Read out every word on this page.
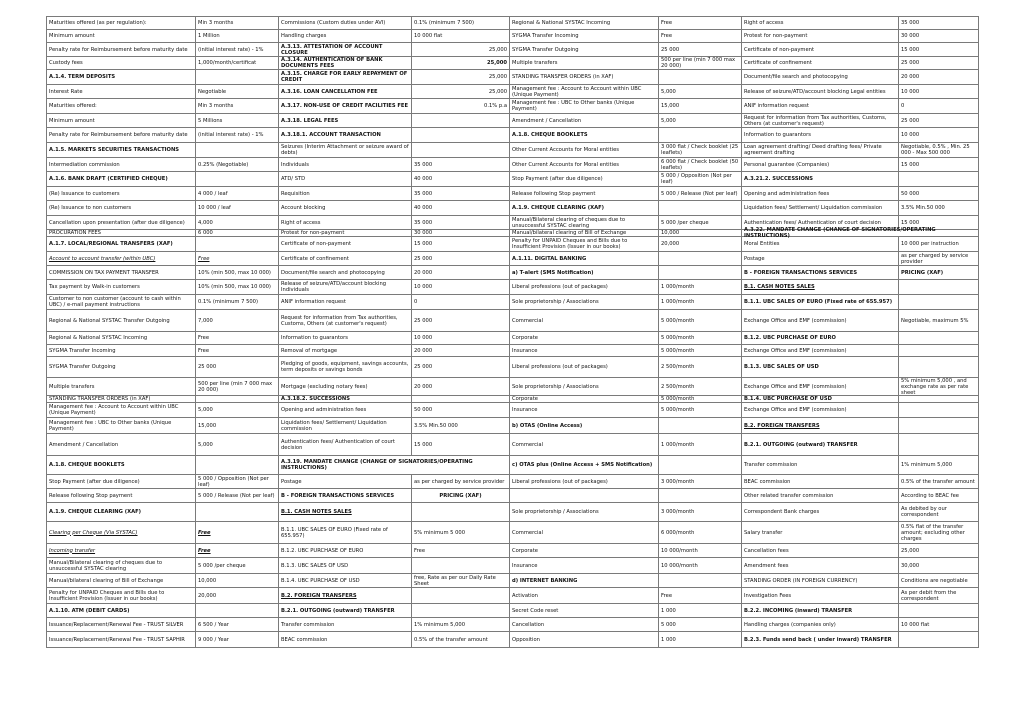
Maturities offered (as per regulation):	Min 3 months	Commissions (Custom duties under AVI)	0.1% (minimum 7 500)	Regional & National SYSTAC Incoming	Free	Right of access	35 000

Minimum amount	1 Million	Handling charges	10 000 flat	SYGMA Transfer Incoming	Free	Protest for non-payment	30 000

Penalty rate for Reimbursement before maturity date	(initial interest rate) - 1%	A.3.13. ATTESTATION OF ACCOUNT CLOSURE	25,000	SYGMA Transfer Outgoing	25 000	Certificate of non-payment	15 000

Custody fees	1,000/month/certificat	A.3.14. AUTHENTICATION OF BANK DOCUMENTS FEES	25,000	Multiple transfers	500 per line (min 7 000 max 20 000)	Certificate of confinement	25 000

A.1.4. TERM DEPOSITS		A.3.15. CHARGE FOR EARLY REPAYMENT OF CREDIT	25,000	STANDING TRANSFER ORDERS (in XAF)		Document/file search and photocopying	20 000

Interest Rate	Negotiable	A.3.16. LOAN CANCELLATION FEE	25,000	Management fee : Account to Account within UBC (Unique Payment)	5,000	Release of seizure/ATD/account blocking Legal entities	10 000

Maturities offered:	Min 3 months	A.3.17. NON-USE OF CREDIT FACILITIES FEE	0.1% p.a	Management fee : UBC to Other banks (Unique Payment)	15,000	ANIF information request	0

Minimum amount	5 Millions	A.3.18. LEGAL FEES		Amendment / Cancellation	5,000	Request for information from Tax authorities, Customs, Others (at customer's request)	25 000

Penalty rate for Reimbursement before maturity date	(initial interest rate) - 1%	A.3.18.1. ACCOUNT TRANSACTION		A.1.8. CHEQUE BOOKLETS		Information to guarantors	10 000

A.1.5. MARKETS SECURITIES TRANSACTIONS		Seizures (Interim Attachment or seizure award of debts)		Other Current Accounts for Moral entities	3 000 flat / Check booklet (25 leaflets)	Loan agreement drafting/ Deed drafting fees/ Private agreement drafting	Negotiable, 0.5% , Min. 25 000 - Max 500 000

Intermediation commission	0.25% (Negotiable)	Individuals	35 000	Other Current Accounts for Moral entities	6 000 flat / Check booklet (50 leaflets)	Personal guarantee (Companies)	15 000

A.1.6. BANK DRAFT (CERTIFIED CHEQUE)		ATD/ STD	40 000	Stop Payment (after due diligence)	5 000 / Opposition (Not per leaf)	A.3.21.2. SUCCESSIONS	

(Re) Issuance to customers	4 000 / leaf	Requisition	35 000	Release following Stop payment	5 000 / Release (Not per leaf)	Opening and administration fees	50 000

(Re) Issuance to non customers	10 000 / leaf	Account blocking	40 000	A.1.9. CHEQUE CLEARING (XAF)		Liquidation fees/ Settlement/ Liquidation commission	3.5% Min.50 000

Cancellation upon presentation (after due diligence)	4,000	Right of access	35 000	Manual/Bilateral clearing of cheques due to unsuccessful SYSTAC clearing	5 000 /per cheque	Authentication fees/ Authentication of court decision	15 000

PROCURATION FEES	6 000	Protest for non-payment	30 000	Manual/bilateral clearing of Bill of Exchange	10,000	A.3.22. MANDATE CHANGE (CHANGE OF SIGNATORIES/OPERATING INSTRUCTIONS)	

A.1.7. LOCAL/REGIONAL TRANSFERS (XAF)		Certificate of non-payment	15 000	Penalty for UNPAID Cheques and Bills due to Insufficient Provision (Issuer in our books)	20,000	Moral Entities	10 000 per instruction

Account to account transfer (within UBC)	Free	Certificate of confinement	25 000	A.1.11. DIGITAL BANKING		Postage	as per charged by service provider

COMMISSION ON TAX PAYMENT TRANSFER	10% (min 500, max 10 000)	Document/file search and photocopying	20 000	a) T-alert (SMS Notification)		B - FOREIGN TRANSACTIONS SERVICES	PRICING (XAF)

Tax payment by Walk-in customers	10% (min 500, max 10 000)	Release of seizure/ATD/account blocking Individuals	10 000	Liberal professions (out of packages)	1 000/month	B.1. CASH NOTES SALES	

Customer to non customer (account to cash within UBC) / e-mail payment instructions	0.1% (minimum 7 500)	ANIF information request	0	Sole proprietorship / Associations	1 000/month	B.1.1. UBC SALES OF EURO (Fixed rate of 655.957)	

Regional & National SYSTAC Transfer Outgoing	7,000	Request for information from Tax authorities, Customs, Others (at customer's request)	25 000	Commercial	5 000/month	Exchange Office and EMF (commission)	Negotiable, maximum 5%

Regional & National SYSTAC Incoming	Free	Information to guarantors	10 000	Corporate	5 000/month	B.1.2. UBC PURCHASE OF EURO	

SYGMA Transfer Incoming	Free	Removal of mortgage	20 000	Insurance	5 000/month	Exchange Office and EMF (commission)	

SYGMA Transfer Outgoing	25 000	Pledging of goods, equipment, savings accounts, term deposits or savings bonds	25 000	Liberal professions (out of packages)	2 500/month	B.1.3. UBC SALES OF USD	

Multiple transfers	500 per line (min 7 000 max 20 000)	Mortgage (excluding notary fees)	20 000	Sole proprietorship / Associations	2 500/month	Exchange Office and EMF (commission)	5% minimum 5,000 , and exchange rate as per rate sheet

STANDING TRANSFER ORDERS (in XAF)		A.3.18.2. SUCCESSIONS		Corporate	5 000/month	B.1.4. UBC PURCHASE OF USD	

Management fee : Account to Account within UBC (Unique Payment)	5,000	Opening and administration fees	50 000	Insurance	5 000/month	Exchange Office and EMF (commission)	

Management fee : UBC to Other banks (Unique Payment)	15,000	Liquidation fees/ Settlement/ Liquidation commission	3.5% Min.50 000	b) OTAS (Online Access)		B.2. FOREIGN TRANSFERS	

Amendment / Cancellation	5,000	Authentication fees/ Authentication of court decision	15 000	Commercial	1 000/month	B.2.1. OUTGOING (outward) TRANSFER	

A.1.8. CHEQUE BOOKLETS		A.3.19. MANDATE CHANGE (CHANGE OF SIGNATORIES/OPERATING INSTRUCTIONS)		c) OTAS plus (Online Access + SMS Notification)		Transfer commission	1% minimum 5,000

Stop Payment (after due diligence)	5 000 / Opposition (Not per leaf)	Postage	as per charged by service provider	Liberal professions (out of packages)	3 000/month	BEAC commission	0.5% of the transfer amount

Release following Stop payment	5 000 / Release (Not per leaf)	B - FOREIGN TRANSACTIONS SERVICES	PRICING (XAF)			Other related transfer commission	According to BEAC fee

A.1.9. CHEQUE CLEARING (XAF)		B.1. CASH NOTES SALES		Sole proprietorship / Associations	3 000/month	Correspondent Bank charges	As debited by our correspondent

Clearing per Cheque (Via SYSTAC)	Free	B.1.1. UBC SALES OF EURO (Fixed rate of 655.957)	5% minimum 5 000	Commercial	6 000/month	Salary transfer	0.5% flat of the transfer amount; excluding other charges

Incoming transfer	Free	B.1.2. UBC PURCHASE OF EURO	Free	Corporate	10 000/month	Cancellation fees	25,000

Manual/Bilateral clearing of cheques due to unsuccessful SYSTAC clearing	5 000 /per cheque	B.1.3. UBC SALES OF USD		Insurance	10 000/month	Amendment fees	30,000

Manual/bilateral clearing of Bill of Exchange	10,000	B.1.4. UBC PURCHASE OF USD	free, Rate as per our Daily Rate Sheet	d) INTERNET BANKING		STANDING ORDER (IN FOREIGN CURRENCY)	Conditions are negotiable

Penalty for UNPAID Cheques and Bills due to Insufficient Provision (Issuer in our books)	20,000	B.2. FOREIGN TRANSFERS		Activation	Free	Investigation Fees	As per debit from the correspondent

A.1.10. ATM (DEBIT CARDS)		B.2.1. OUTGOING (outward) TRANSFER		Secret Code reset	1 000	B.2.2. INCOMING (inward) TRANSFER	

Issuance/Replacement/Renewal Fee - TRUST SILVER	6 500 / Year	Transfer commission	1% minimum 5,000	Cancellation	5 000	Handling charges (companies only)	10 000 flat

Issuance/Replacement/Renewal Fee - TRUST SAPHIR	9 000 / Year	BEAC commission	0.5% of the transfer amount	Opposition	1 000	B.2.3. Funds send back ( under inward) TRANSFER	
